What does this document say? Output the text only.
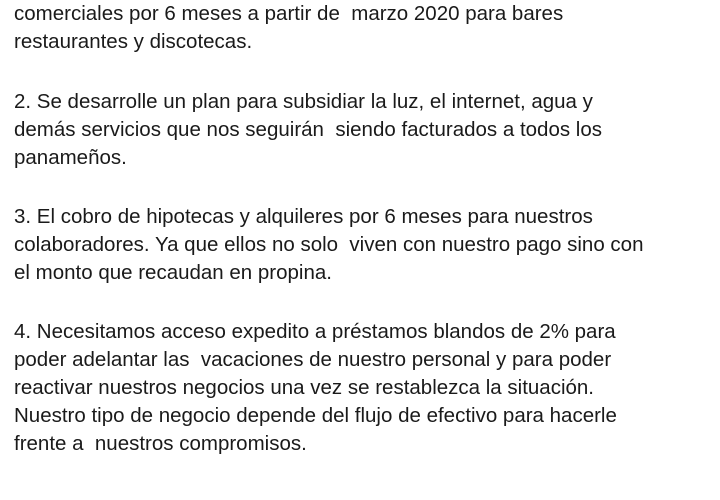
comerciales por 6 meses a partir de  marzo 2020 para bares
restaurantes y discotecas.
2. Se desarrolle un plan para subsidiar la luz, el internet, agua y
demás servicios que nos seguirán  siendo facturados a todos los
panameños.
3. El cobro de hipotecas y alquileres por 6 meses para nuestros
colaboradores. Ya que ellos no solo  viven con nuestro pago sino con
el monto que recaudan en propina.
4. Necesitamos acceso expedito a préstamos blandos de 2% para
poder adelantar las  vacaciones de nuestro personal y para poder
reactivar nuestros negocios una vez se restablezca la situación.
Nuestro tipo de negocio depende del flujo de efectivo para hacerle
frente a  nuestros compromisos.
